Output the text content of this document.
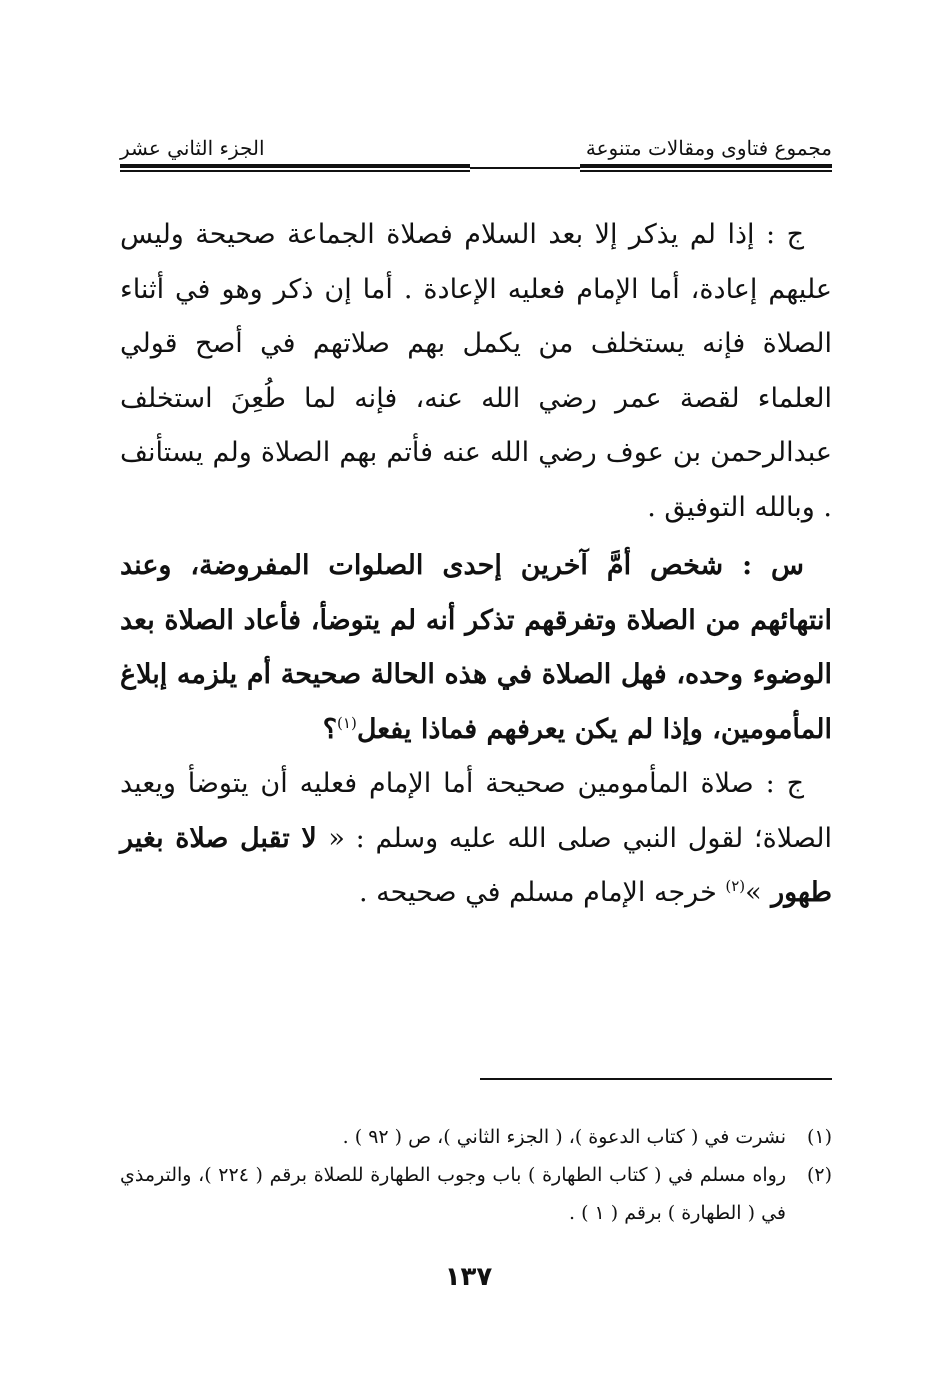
مجموع فتاوى ومقالات متنوعة
الجزء الثاني عشر

ج : إذا لم يذكر إلا بعد السلام فصلاة الجماعة صحيحة وليس عليهم إعادة، أما الإمام فعليه الإعادة . أما إن ذكر وهو في أثناء الصلاة فإنه يستخلف من يكمل بهم صلاتهم في أصح قولي العلماء لقصة عمر رضي الله عنه، فإنه لما طُعِنَ استخلف عبدالرحمن بن عوف رضي الله عنه فأتم بهم الصلاة ولم يستأنف . وبالله التوفيق .

س : شخص أمَّ آخرين إحدى الصلوات المفروضة، وعند انتهائهم من الصلاة وتفرقهم تذكر أنه لم يتوضأ، فأعاد الصلاة بعد الوضوء وحده، فهل الصلاة في هذه الحالة صحيحة أم يلزمه إبلاغ المأمومين، وإذا لم يكن يعرفهم فماذا يفعل$^{(١)}$؟

ج : صلاة المأمومين صحيحة أما الإمام فعليه أن يتوضأ ويعيد الصلاة؛ لقول النبي صلى الله عليه وسلم : « لا تقبل صلاة بغير طهور »$^{(٢)}$ خرجه الإمام مسلم في صحيحه .

(١)
نشرت في ( كتاب الدعوة )، ( الجزء الثاني )، ص ( ٩٢ ) .
(٢)
رواه مسلم في ( كتاب الطهارة ) باب وجوب الطهارة للصلاة برقم ( ٢٢٤ )، والترمذي في ( الطهارة ) برقم ( ١ ) .
١٣٧
